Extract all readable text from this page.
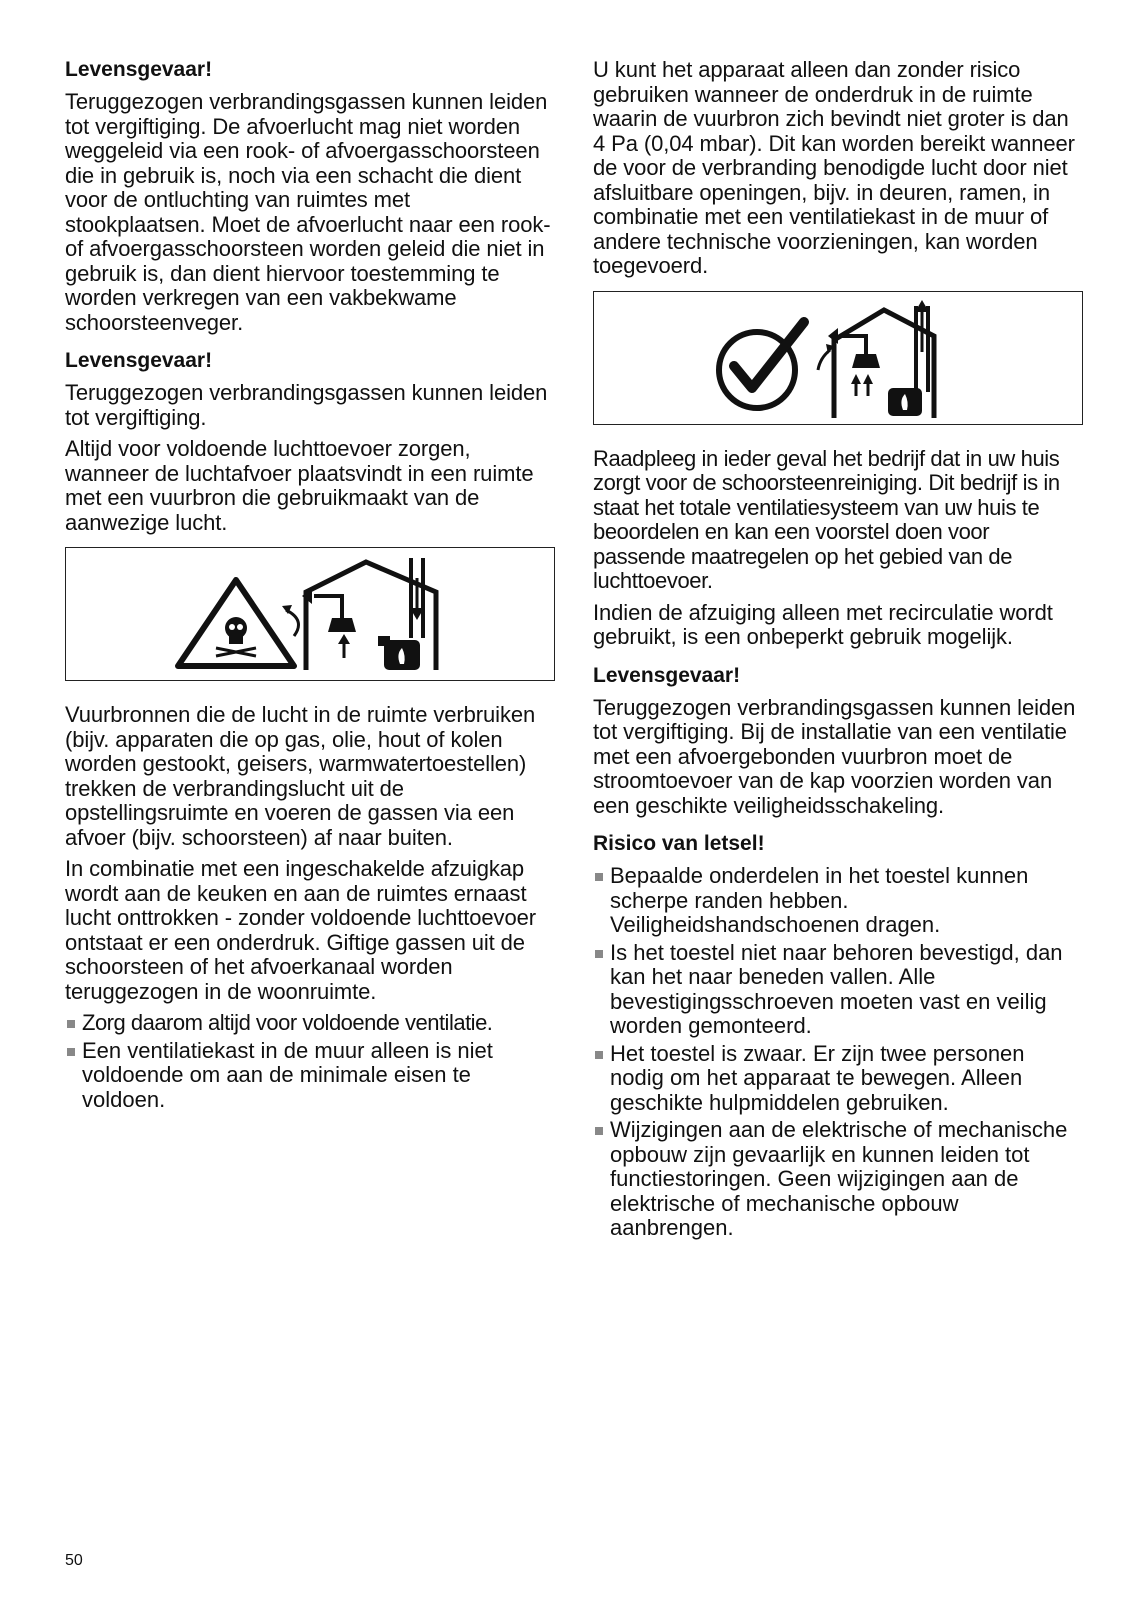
Levensgevaar!

Teruggezogen verbrandingsgassen kunnen leiden tot vergiftiging. De afvoerlucht mag niet worden weggeleid via een rook- of afvoergasschoorsteen die in gebruik is, noch via een schacht die dient voor de ontluchting van ruimtes met stookplaatsen. Moet de afvoerlucht naar een rook- of afvoergasschoorsteen worden geleid die niet in gebruik is, dan dient hiervoor toestemming te worden verkregen van een vakbekwame schoorsteenveger.

Levensgevaar!

Teruggezogen verbrandingsgassen kunnen leiden tot vergiftiging.

Altijd voor voldoende luchttoevoer zorgen, wanneer de luchtafvoer plaatsvindt in een ruimte met een vuurbron die gebruikmaakt van de aanwezige lucht.

Vuurbronnen die de lucht in de ruimte verbruiken (bijv. apparaten die op gas, olie, hout of kolen worden gestookt, geisers, warmwatertoestellen) trekken de verbrandingslucht uit de opstellingsruimte en voeren de gassen via een afvoer (bijv. schoorsteen) af naar buiten.

In combinatie met een ingeschakelde afzuigkap wordt aan de keuken en aan de ruimtes ernaast lucht onttrokken - zonder voldoende luchttoevoer ontstaat er een onderdruk. Giftige gassen uit de schoorsteen of het afvoerkanaal worden teruggezogen in de woonruimte.

Zorg daarom altijd voor voldoende ventilatie.
Een ventilatiekast in de muur alleen is niet voldoende om aan de minimale eisen te voldoen.

U kunt het apparaat alleen dan zonder risico gebruiken wanneer de onderdruk in de ruimte waarin de vuurbron zich bevindt niet groter is dan 4 Pa (0,04 mbar). Dit kan worden bereikt wanneer de voor de verbranding benodigde lucht door niet afsluitbare openingen, bijv. in deuren, ramen, in combinatie met een ventilatiekast in de muur of andere technische voorzieningen, kan worden toegevoerd.

Raadpleeg in ieder geval het bedrijf dat in uw huis zorgt voor de schoorsteenreiniging. Dit bedrijf is in staat het totale ventilatiesysteem van uw huis te beoordelen en kan een voorstel doen voor passende maatregelen op het gebied van de luchttoevoer.

Indien de afzuiging alleen met recirculatie wordt gebruikt, is een onbeperkt gebruik mogelijk.

Levensgevaar!

Teruggezogen verbrandingsgassen kunnen leiden tot vergiftiging. Bij de installatie van een ventilatie met een afvoergebonden vuurbron moet de stroomtoevoer van de kap voorzien worden van een geschikte veiligheidsschakeling.

Risico van letsel!
Bepaalde onderdelen in het toestel kunnen scherpe randen hebben. Veiligheidshandschoenen dragen.
Is het toestel niet naar behoren bevestigd, dan kan het naar beneden vallen. Alle bevestigingsschroeven moeten vast en veilig worden gemonteerd.
Het toestel is zwaar. Er zijn twee personen nodig om het apparaat te bewegen. Alleen geschikte hulpmiddelen gebruiken.
Wijzigingen aan de elektrische of mechanische opbouw zijn gevaarlijk en kunnen leiden tot functiestoringen. Geen wijzigingen aan de elektrische of mechanische opbouw aanbrengen.
50
